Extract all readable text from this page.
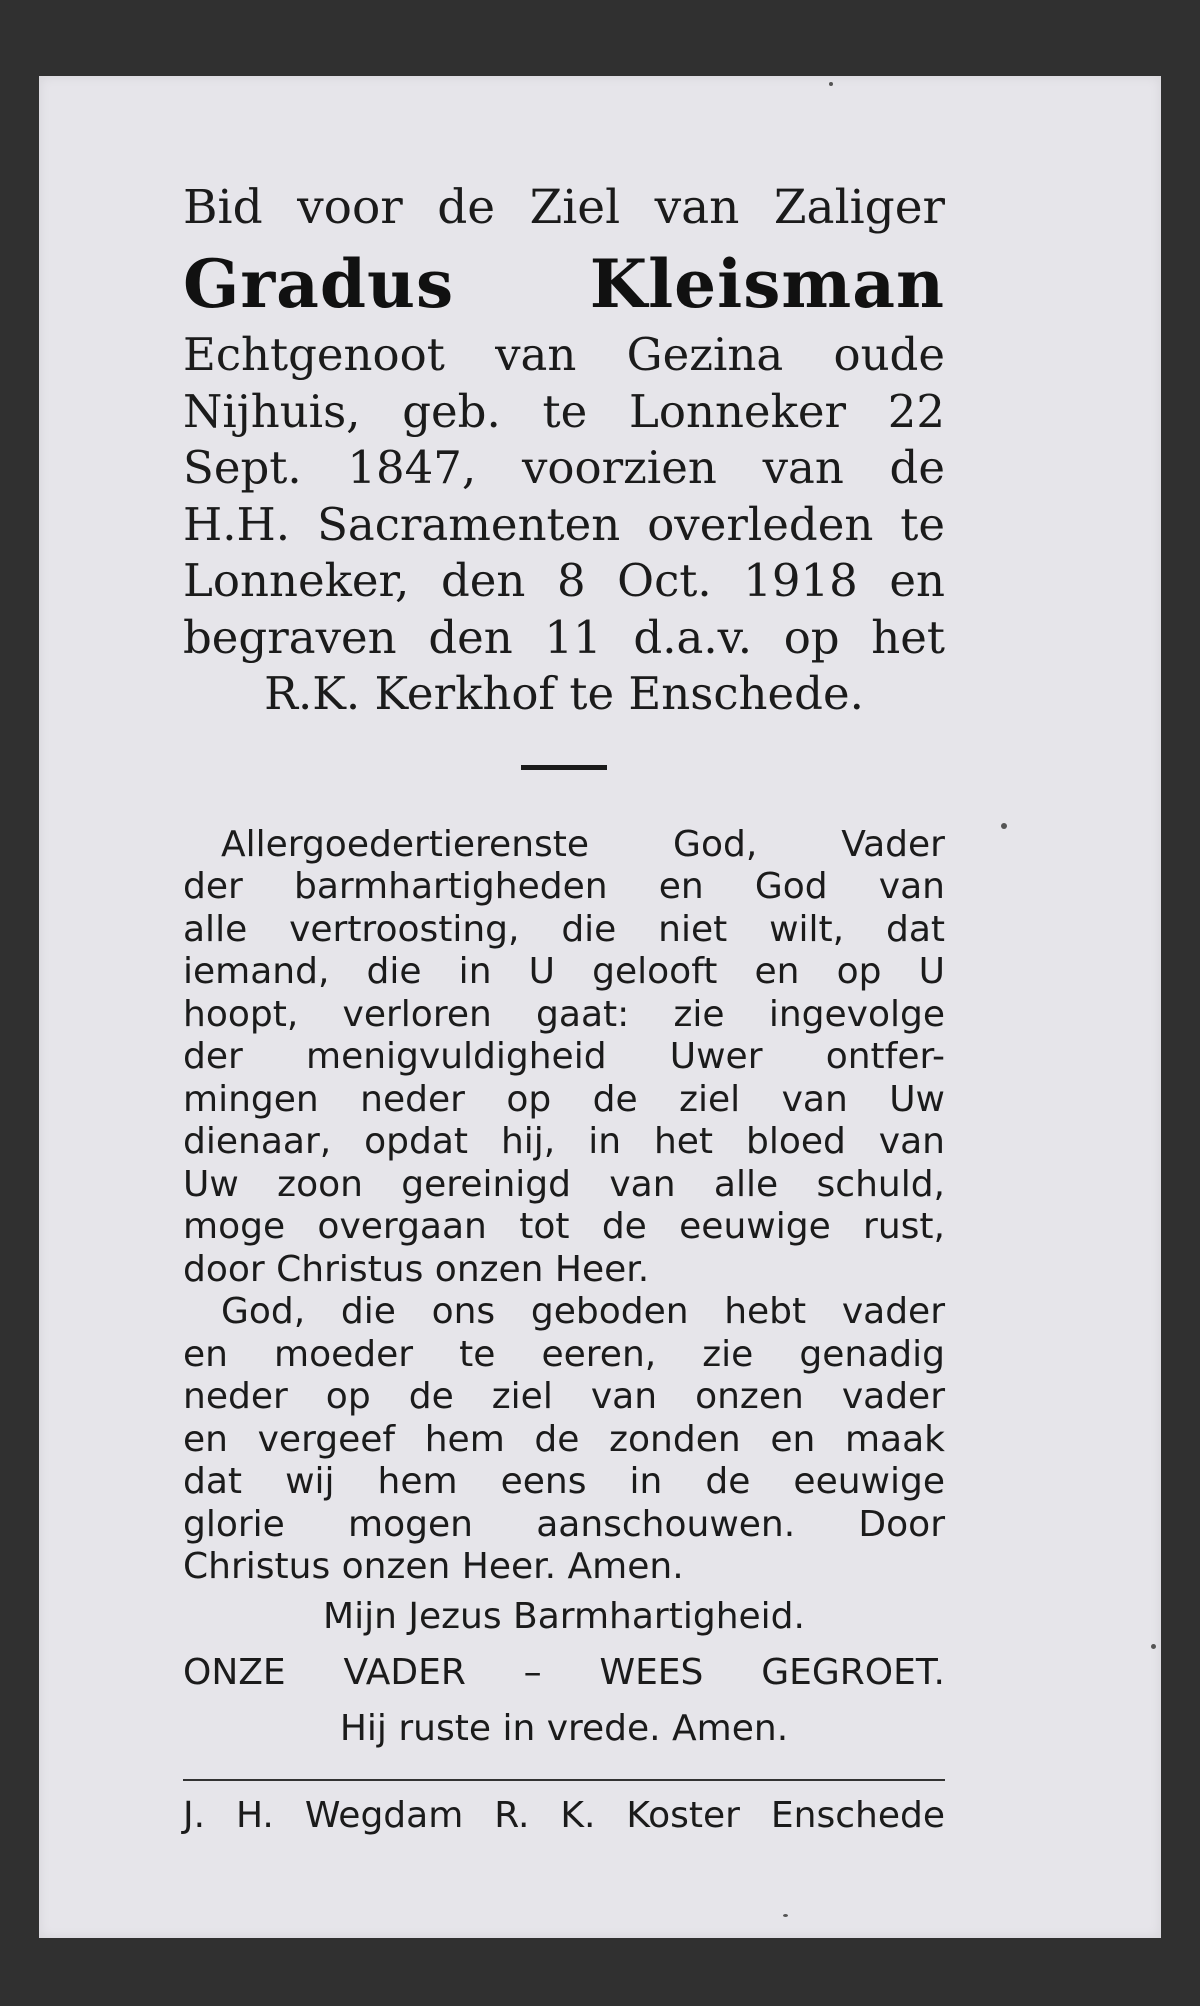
Bid voor de Ziel van Zaliger
Gradus Kleisman
Echtgenoot van Gezina oude
Nijhuis, geb. te Lonneker 22
Sept. 1847, voorzien van de
H.H. Sacramenten overleden te
Lonneker, den 8 Oct. 1918 en
begraven den 11 d.a.v. op het
R.K. Kerkhof te Enschede.
Allergoedertierenste God, Vader
der barmhartigheden en God van
alle vertroosting, die niet wilt, dat
iemand, die in U gelooft en op U
hoopt, verloren gaat: zie ingevolge
der menigvuldigheid Uwer ontfer-
mingen neder op de ziel van Uw
dienaar, opdat hij, in het bloed van
Uw zoon gereinigd van alle schuld,
moge overgaan tot de eeuwige rust,
door Christus onzen Heer.
God, die ons geboden hebt vader
en moeder te eeren, zie genadig
neder op de ziel van onzen vader
en vergeef hem de zonden en maak
dat wij hem eens in de eeuwige
glorie mogen aanschouwen. Door
Christus onzen Heer. Amen.
Mijn Jezus Barmhartigheid.
ONZE VADER – WEES GEGROET.
Hij ruste in vrede. Amen.
J. H. Wegdam R. K. Koster Enschede
